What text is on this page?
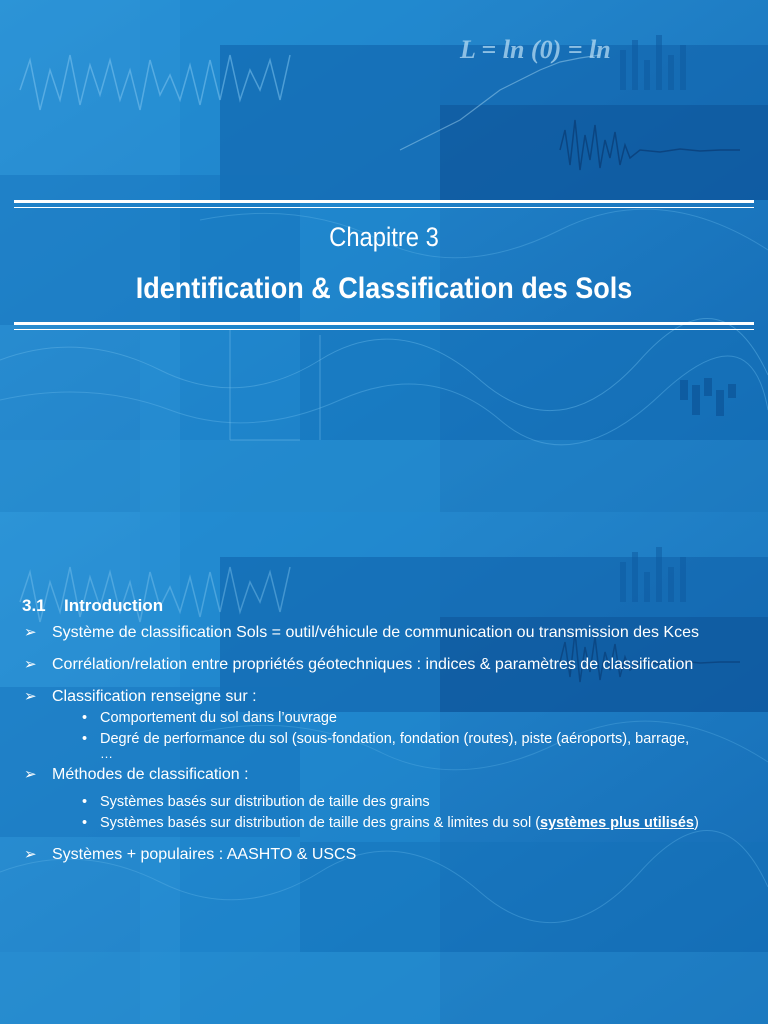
L = ln (0) = ln
Chapitre 3
Identification & Classification des Sols
3.1 Introduction
➢ Système de classification Sols = outil/véhicule de communication ou transmission des Kces
➢ Corrélation/relation entre propriétés géotechniques : indices & paramètres de classification
➢ Classification renseigne sur :
• Comportement du sol dans l’ouvrage
• Degré de performance du sol (sous-fondation, fondation (routes), piste (aéroports), barrage,
…
➢ Méthodes de classification :
• Systèmes basés sur distribution de taille des grains
• Systèmes basés sur distribution de taille des grains & limites du sol (systèmes plus utilisés)
➢ Systèmes + populaires : AASHTO & USCS
